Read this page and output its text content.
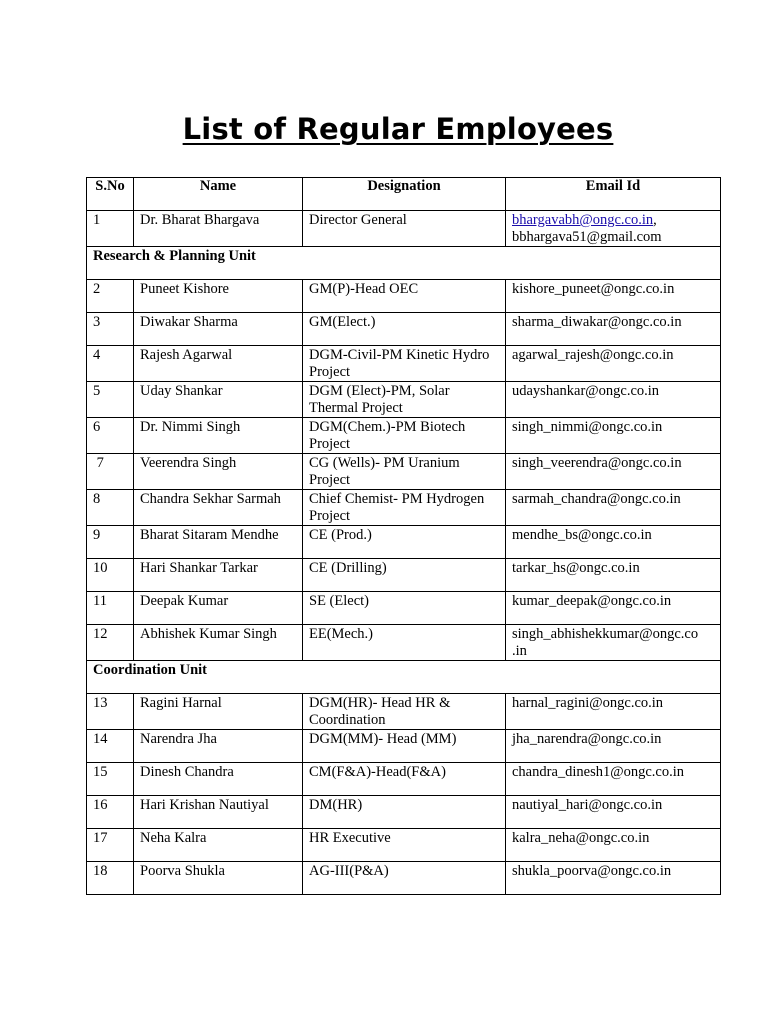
List of Regular Employees
S.No	Name	Designation	Email Id
1	Dr. Bharat Bhargava	Director General	bhargavabh@ongc.co.in,
bbhargava51@gmail.com
Research & Planning Unit			
2	Puneet Kishore	GM(P)-Head OEC	kishore_puneet@ongc.co.in
3	Diwakar Sharma	GM(Elect.)	sharma_diwakar@ongc.co.in
4	Rajesh Agarwal	DGM-Civil-PM Kinetic Hydro Project	agarwal_rajesh@ongc.co.in
5	Uday Shankar	DGM (Elect)-PM, Solar Thermal Project	udayshankar@ongc.co.in
6	Dr. Nimmi Singh	DGM(Chem.)-PM Biotech Project	singh_nimmi@ongc.co.in
7	Veerendra Singh	CG (Wells)- PM Uranium Project	singh_veerendra@ongc.co.in
8	Chandra Sekhar Sarmah	Chief Chemist- PM Hydrogen Project	sarmah_chandra@ongc.co.in
9	Bharat Sitaram Mendhe	CE (Prod.)	mendhe_bs@ongc.co.in
10	Hari Shankar Tarkar	CE (Drilling)	tarkar_hs@ongc.co.in
11	Deepak Kumar	SE (Elect)	kumar_deepak@ongc.co.in
12	Abhishek Kumar Singh	EE(Mech.)	singh_abhishekkumar@ongc.co .in
Coordination Unit			
13	Ragini Harnal	DGM(HR)- Head HR & Coordination	harnal_ragini@ongc.co.in
14	Narendra Jha	DGM(MM)- Head (MM)	jha_narendra@ongc.co.in
15	Dinesh Chandra	CM(F&A)-Head(F&A)	chandra_dinesh1@ongc.co.in
16	Hari Krishan Nautiyal	DM(HR)	nautiyal_hari@ongc.co.in
17	Neha Kalra	HR Executive	kalra_neha@ongc.co.in
18	Poorva Shukla	AG-III(P&A)	shukla_poorva@ongc.co.in
